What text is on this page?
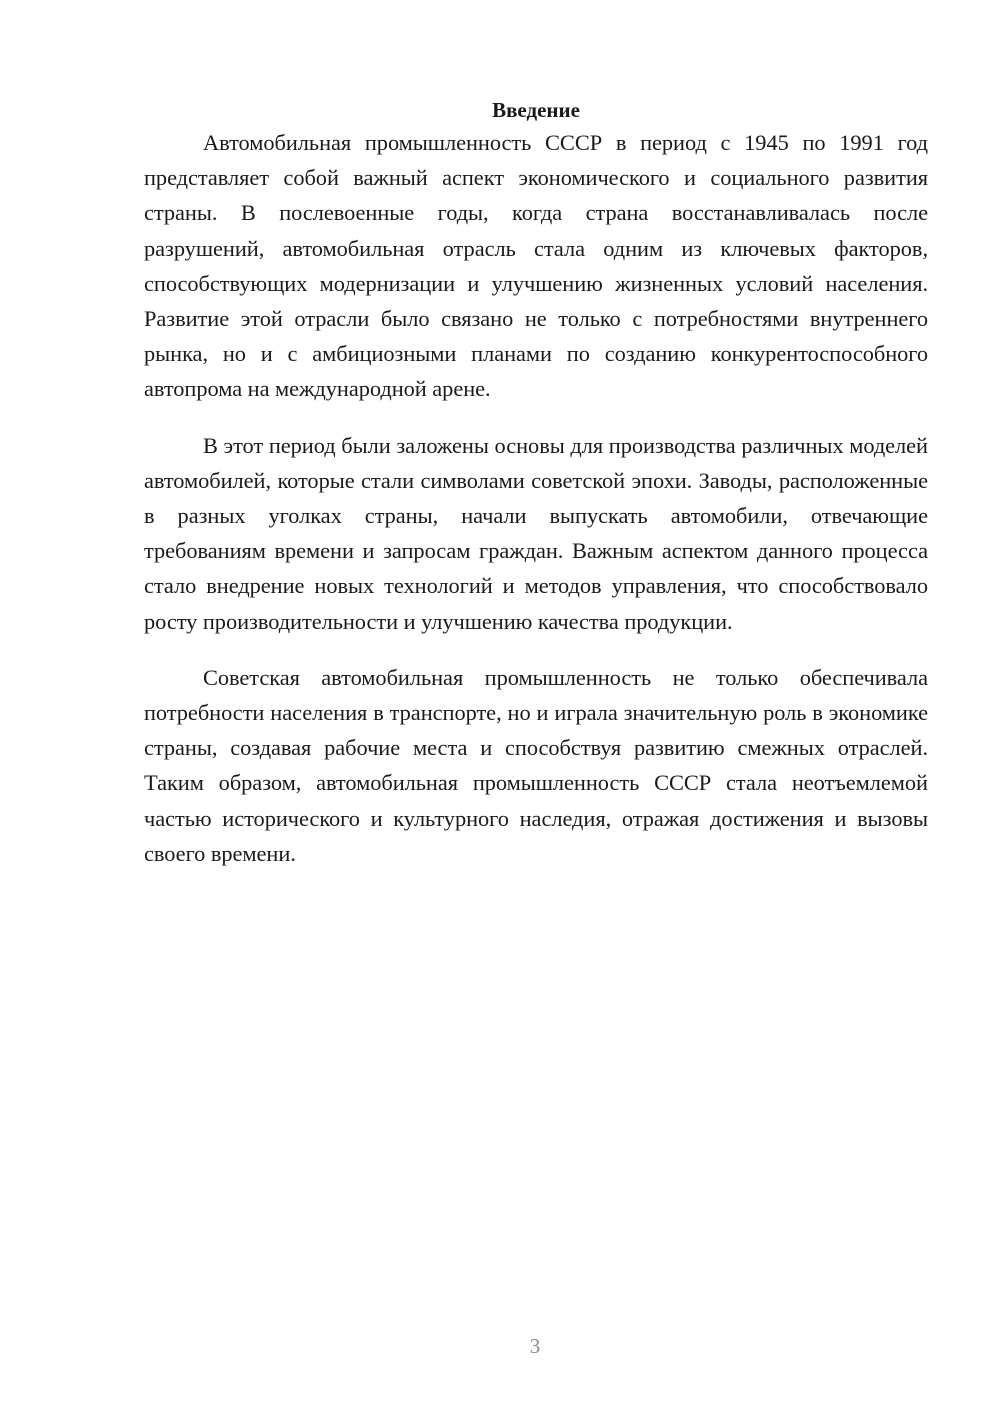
Введение

Автомобильная промышленность СССР в период с 1945 по 1991 год представляет собой важный аспект экономического и социального развития страны. В послевоенные годы, когда страна восстанавливалась после разрушений, автомобильная отрасль стала одним из ключевых факторов, способствующих модернизации и улучшению жизненных условий населения. Развитие этой отрасли было связано не только с потребностями внутреннего рынка, но и с амбициозными планами по созданию конкурентоспособного автопрома на международной арене.

В этот период были заложены основы для производства различных моделей автомобилей, которые стали символами советской эпохи. Заводы, расположенные в разных уголках страны, начали выпускать автомобили, отвечающие требованиям времени и запросам граждан. Важным аспектом данного процесса стало внедрение новых технологий и методов управления, что способствовало росту производительности и улучшению качества продукции.

Советская автомобильная промышленность не только обеспечивала потребности населения в транспорте, но и играла значительную роль в экономике страны, создавая рабочие места и способствуя развитию смежных отраслей. Таким образом, автомобильная промышленность СССР стала неотъемлемой частью исторического и культурного наследия, отражая достижения и вызовы своего времени.

3
